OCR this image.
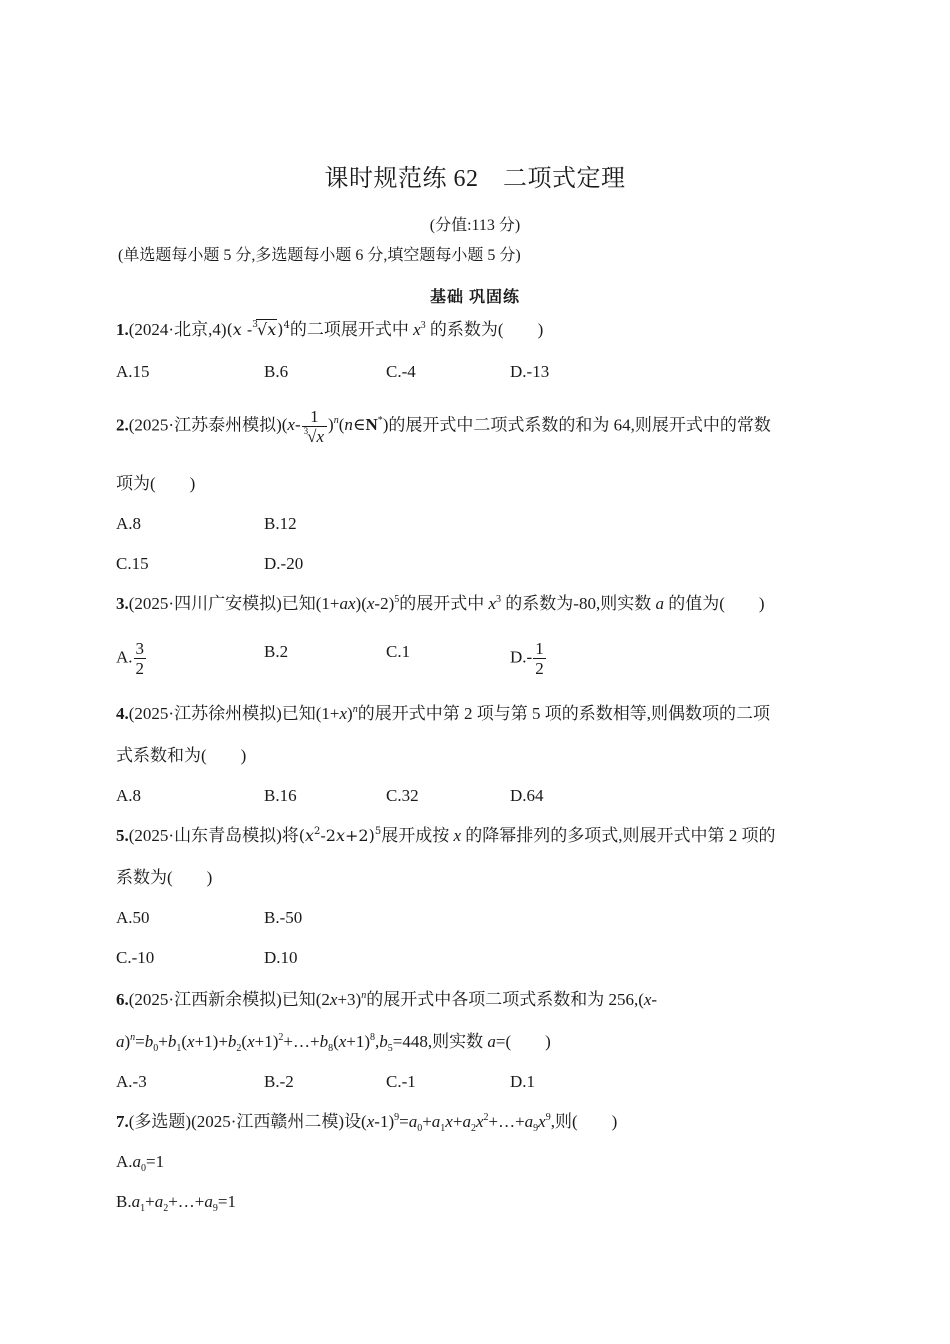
课时规范练 62　二项式定理
(分值:113 分)
(单选题每小题 5 分,多选题每小题 6 分,填空题每小题 5 分)
基础 巩固练
1.(2024·北京,4)(x -$^3$√x)$^4$的二项展开式中 $x^3$ 的系数为( )
A.15	B.6	C.-4	D.-13
2.(2025·江苏泰州模拟)($x- \frac{1}{^3√x}$ )$^n$(n∈N*)的展开式中二项式系数的和为 64,则展开式中的常数
项为( )
A.8	B.12
C.15	D.-20
3.(2025·四川广安模拟)已知$(1+ax)(x-2)^5$的展开式中 $x^3$ 的系数为-80,则实数 a 的值为( )
A. $\frac{3}{2}$	B.2	C.1	$D.- \frac{1}{2}$
4.(2025·江苏徐州模拟)已知$(1+x)^n$的展开式中第 2 项与第 5 项的系数相等,则偶数项的二项
式系数和为( )
A.8	B.16	C.32	D.64
5.(2025·山东青岛模拟)将$(x^2-2x+2)^5$展开成按 x 的降幂排列的多项式,则展开式中第 2 项的
系数为( )
A.50	B.-50
C.-10	D.10
6.(2025·江西新余模拟)已知$(2x+3)^n$的展开式中各项二项式系数和为 256,(x-
$a)^n=b_0+b_1(x+1)+b_2(x+1)^2+\dots+b_8(x+1)^8,b_5=448$,则实数 a=( )
A.-3	B.-2	C.-1	D.1
7.(多选题)(2025·江西赣州二模)设$(x-1)^9=a_0+a_1x+a_2x^2+\dots+a_9x^9$,则( )
$A.a_0=1$
$B.a_1+a_2+\dots+a_9=1$
